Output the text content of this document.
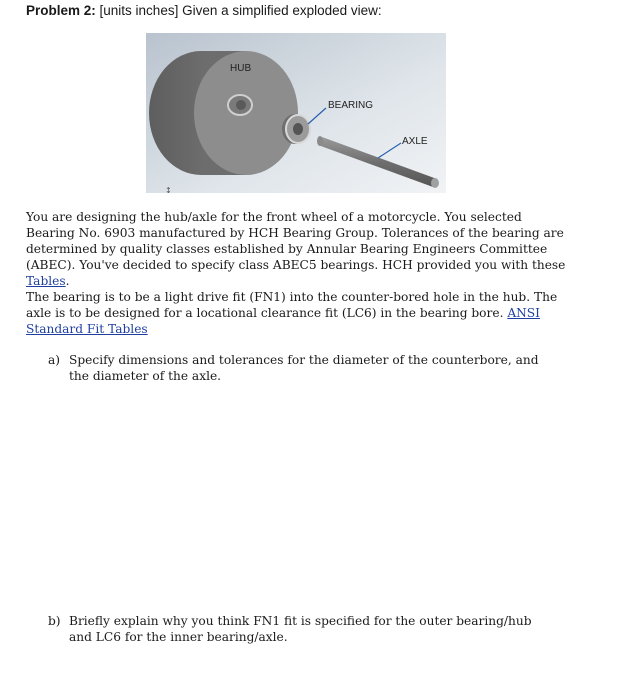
Problem 2: [units inches] Given a simplified exploded view:
HUB
BEARING
AXLE
↕

You are designing the hub/axle for the front wheel of a motorcycle. You selected Bearing No. 6903 manufactured by HCH Bearing Group. Tolerances of the bearing are determined by quality classes established by Annular Bearing Engineers Committee (ABEC). You've decided to specify class ABEC5 bearings. HCH provided you with these Tables.

The bearing is to be a light drive fit (FN1) into the counter-bored hole in the hub. The axle is to be designed for a locational clearance fit (LC6) in the bearing bore. ANSI Standard Fit Tables

a) Specify dimensions and tolerances for the diameter of the counterbore, and the diameter of the axle.
b) Briefly explain why you think FN1 fit is specified for the outer bearing/hub and LC6 for the inner bearing/axle.
